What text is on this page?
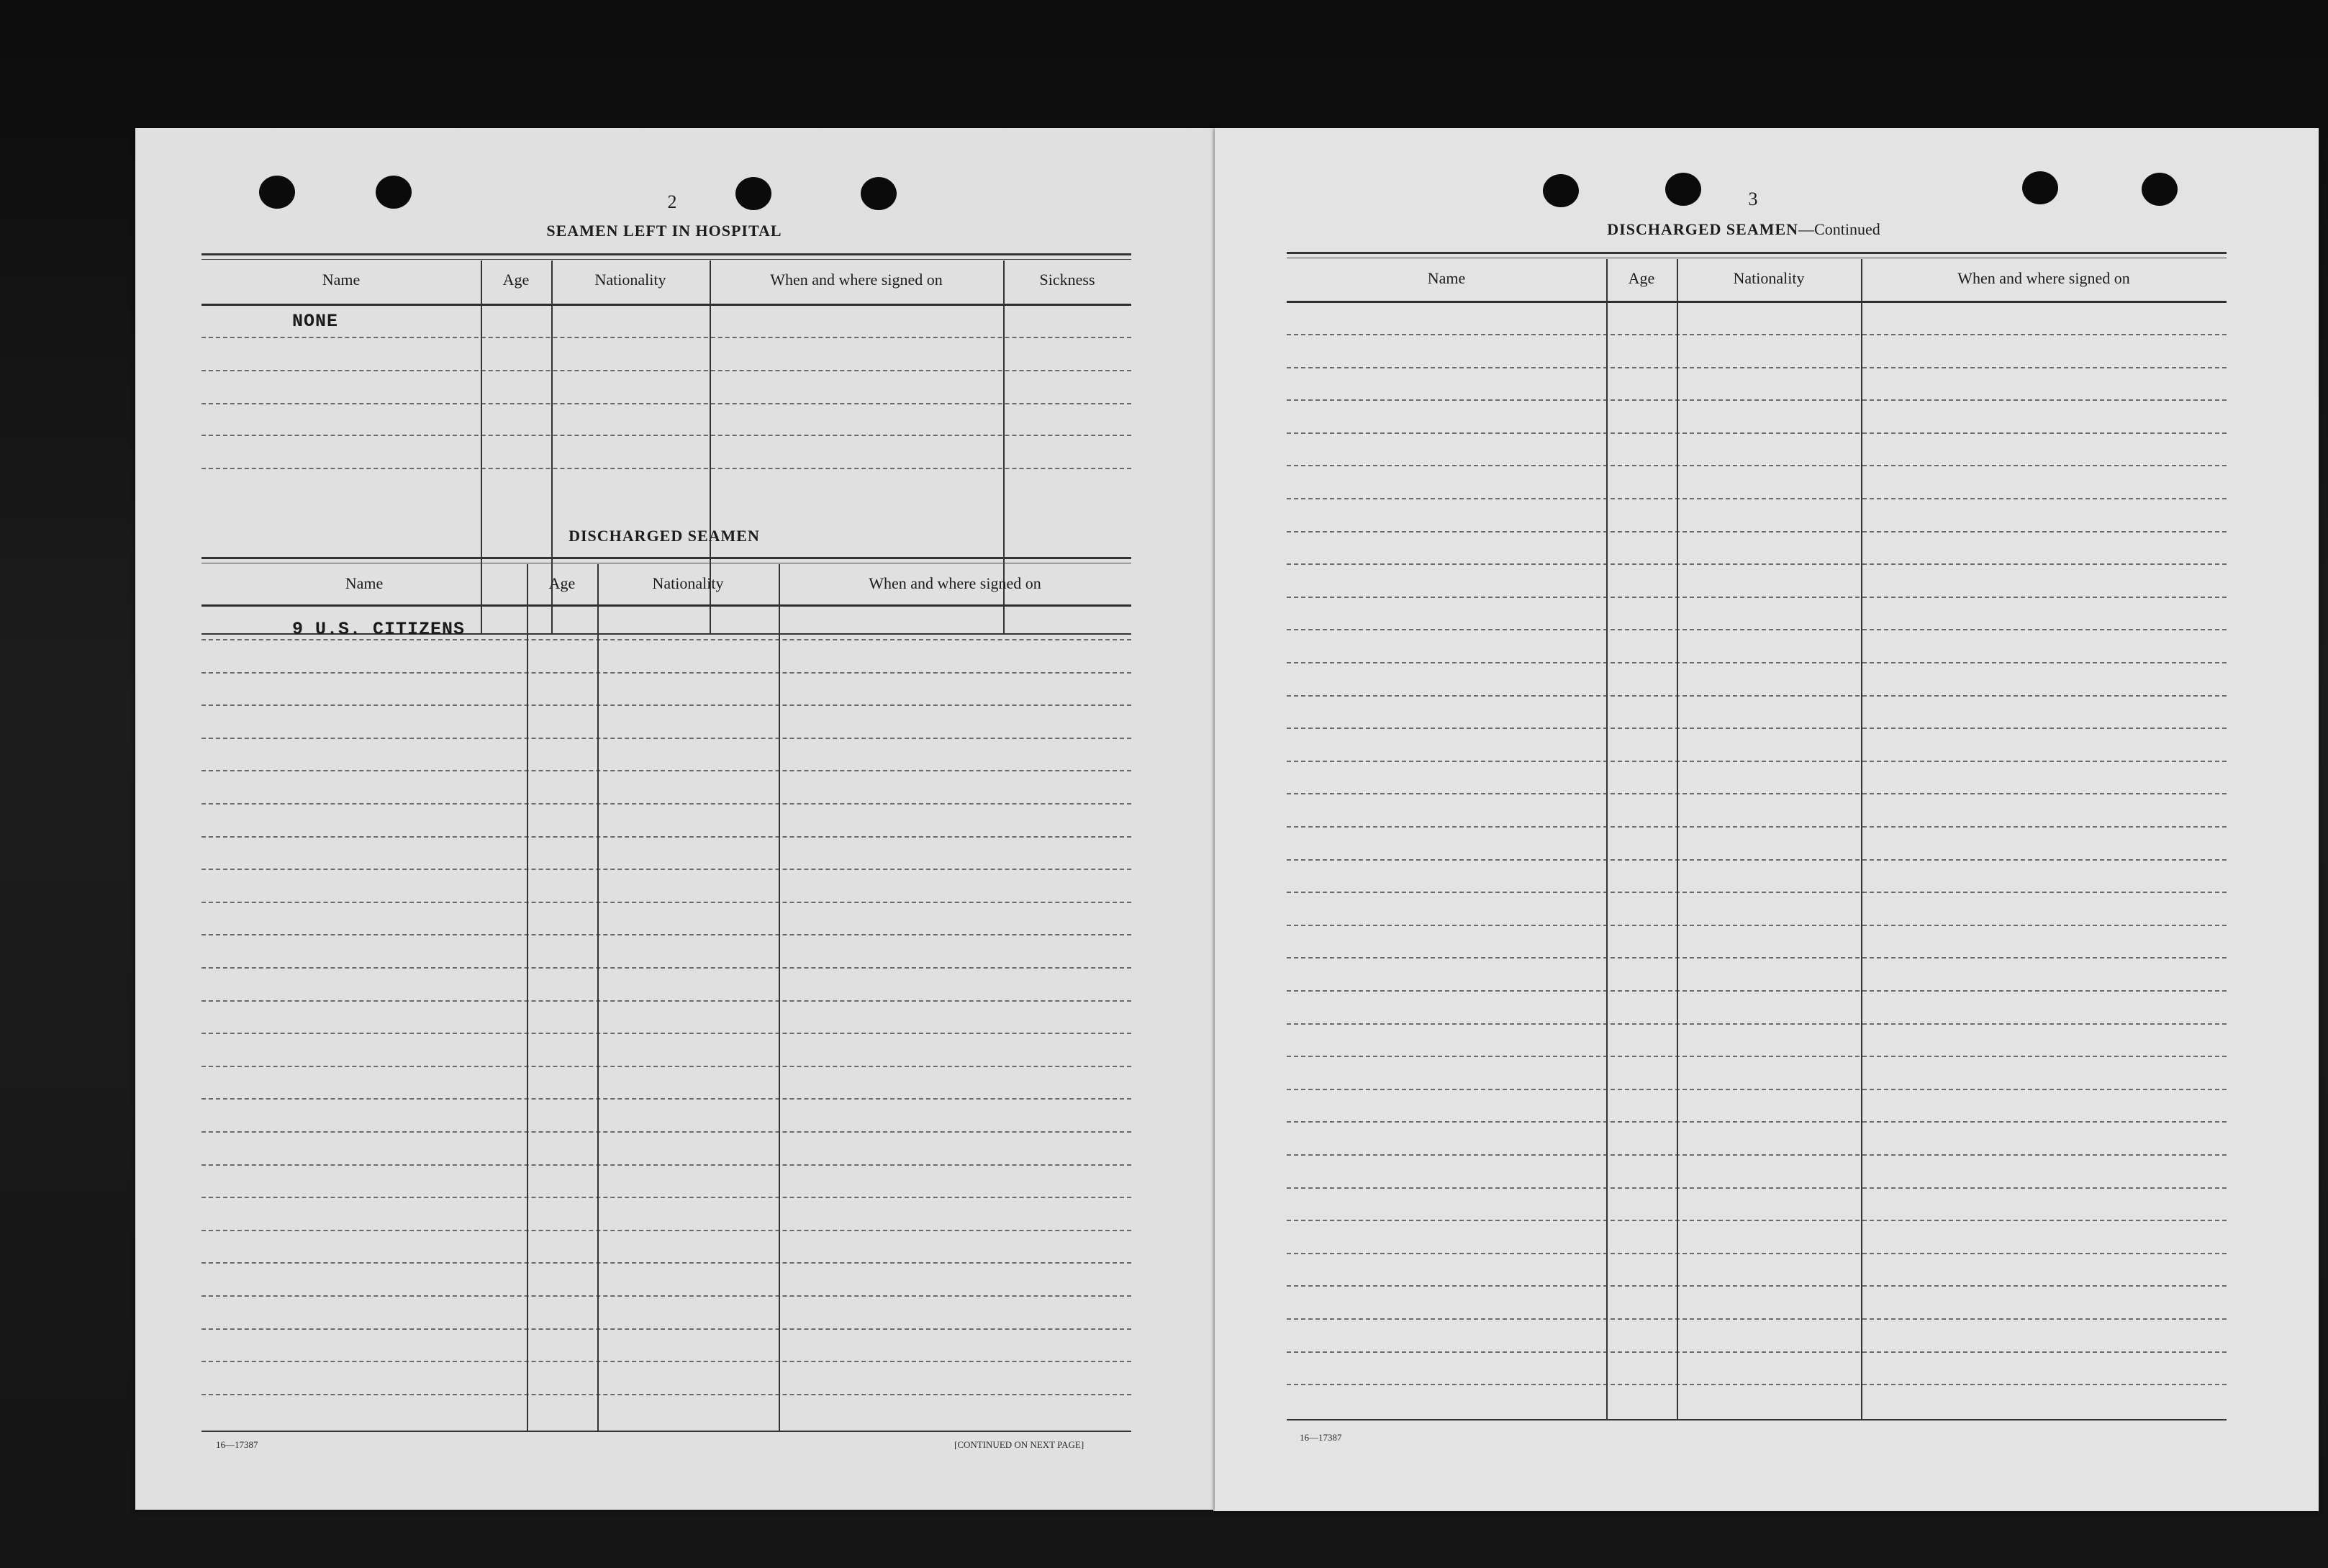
2
SEAMEN LEFT IN HOSPITAL
Name	Age	Nationality	When and where signed on	Sickness
NONE
DISCHARGED SEAMEN
Name	Age	Nationality	When and where signed on
9 U.S. CITIZENS
16—17387	[CONTINUED ON NEXT PAGE]
3
DISCHARGED SEAMEN—Continued
Name	Age	Nationality	When and where signed on
16—17387
